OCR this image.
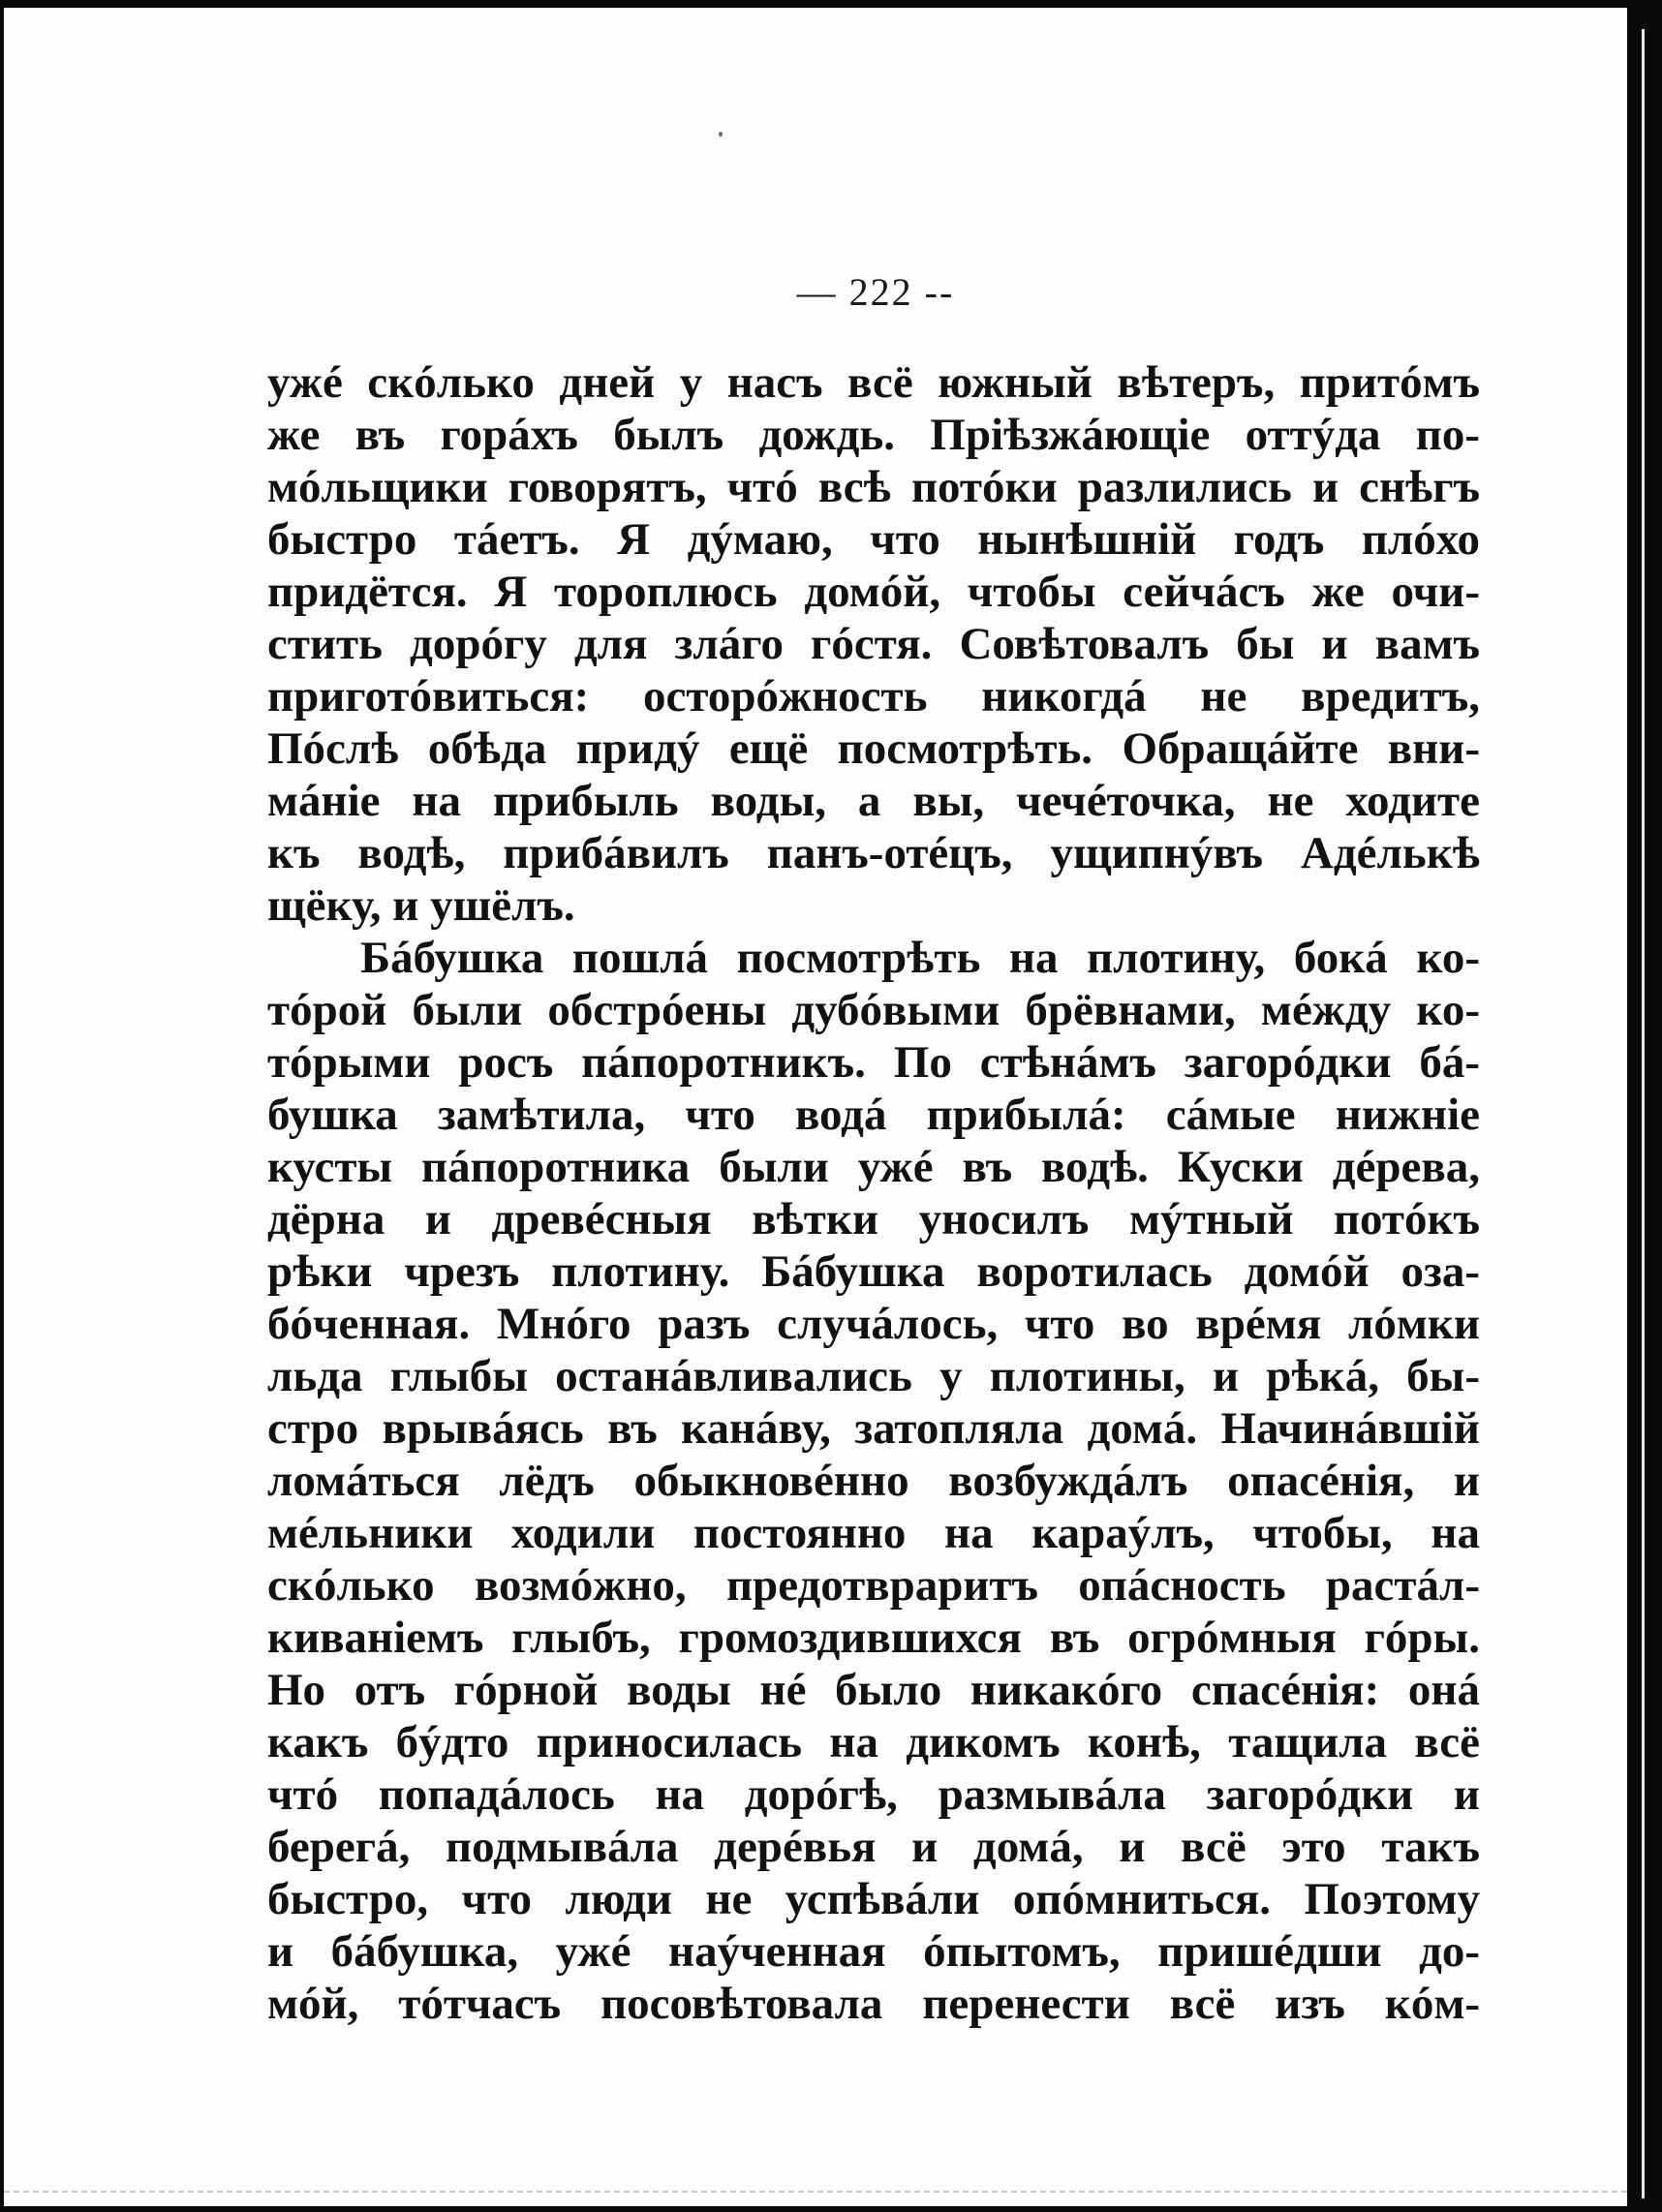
— 222 --
ужé скóлько дней у насъ всё южный вѣтеръ, притóмъ
же въ горáхъ былъ дождь. Пріѣзжáющіе оттýда по-
мóльщики говорятъ, чтó всѣ потóки разлились и снѣгъ
быстро тáетъ. Я дýмаю, что нынѣшній годъ плóхо
придётся. Я тороплюсь домóй, чтобы сейчáсъ же очи-
стить дорóгу для злáго гóстя. Совѣтовалъ бы и вамъ
приготóвиться: осторóжность никогдá не вредитъ,
Пóслѣ обѣда придý ещё посмотрѣть. Обращáйте вни-
мáніе на прибыль воды, а вы, чечéточка, не ходите
къ водѣ, прибáвилъ панъ-отéцъ, ущипнýвъ Адéлькѣ
щёку, и ушёлъ.
Бáбушка пошлá посмотрѣть на плотину, бокá ко-
тóрой были обстрóены дубóвыми брёвнами, мéжду ко-
тóрыми росъ пáпоротникъ. По стѣнáмъ загорóдки бá-
бушка замѣтила, что водá прибылá: сáмые нижніе
кусты пáпоротника были ужé въ водѣ. Куски дéрева,
дёрна и древéсныя вѣтки уносилъ мýтный потóкъ
рѣки чрезъ плотину. Бáбушка воротилась домóй оза-
бóченная. Мнóго разъ случáлось, что во врéмя лóмки
льда глыбы останáвливались у плотины, и рѣкá, бы-
стро врывáясь въ канáву, затопляла домá. Начинáвшій
ломáться лёдъ обыкновéнно возбуждáлъ опасéнія, и
мéльники ходили постоянно на караýлъ, чтобы, на
скóлько возмóжно, предотвраритъ опáсность растáл-
киваніемъ глыбъ, громоздившихся въ огрóмныя гóры.
Но отъ гóрной воды нé было никакóго спасéнія: онá
какъ бýдто приносилась на дикомъ конѣ, тащила всё
чтó попадáлось на дорóгѣ, размывáла загорóдки и
берегá, подмывáла дерéвья и домá, и всё это такъ
быстро, что люди не успѣвáли опóмниться. Поэтому
и бáбушка, ужé наýченная óпытомъ, пришéдши до-
мóй, тóтчасъ посовѣтовала перенести всё изъ кóм-
